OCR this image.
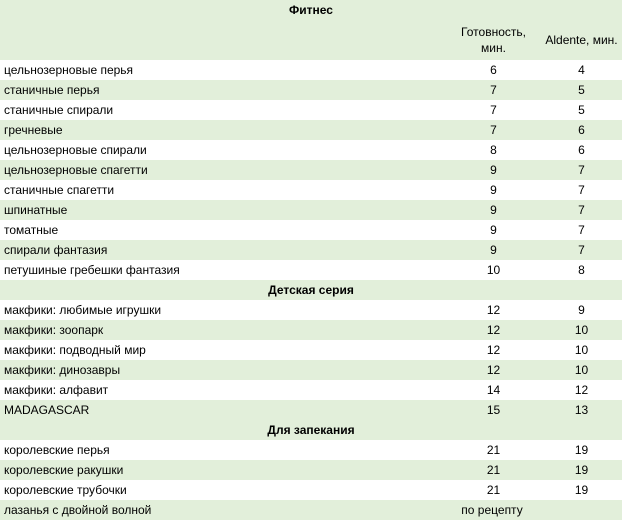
Фитнес		
	Готовность, мин.	Aldente, мин.
цельнозерновые перья	6	4
станичные перья	7	5
станичные спирали	7	5
гречневые	7	6
цельнозерновые спирали	8	6
цельнозерновые спагетти	9	7
станичные спагетти	9	7
шпинатные	9	7
томатные	9	7
спирали фантазия	9	7
петушиные гребешки фантазия	10	8
Детская серия		
макфики: любимые игрушки	12	9
макфики: зоопарк	12	10
макфики: подводный мир	12	10
макфики: динозавры	12	10
макфики: алфавит	14	12
MADAGASCAR	15	13
Для запекания		
королевские перья	21	19
королевские ракушки	21	19
королевские трубочки	21	19
лазанья с двойной волной	по рецепту	
